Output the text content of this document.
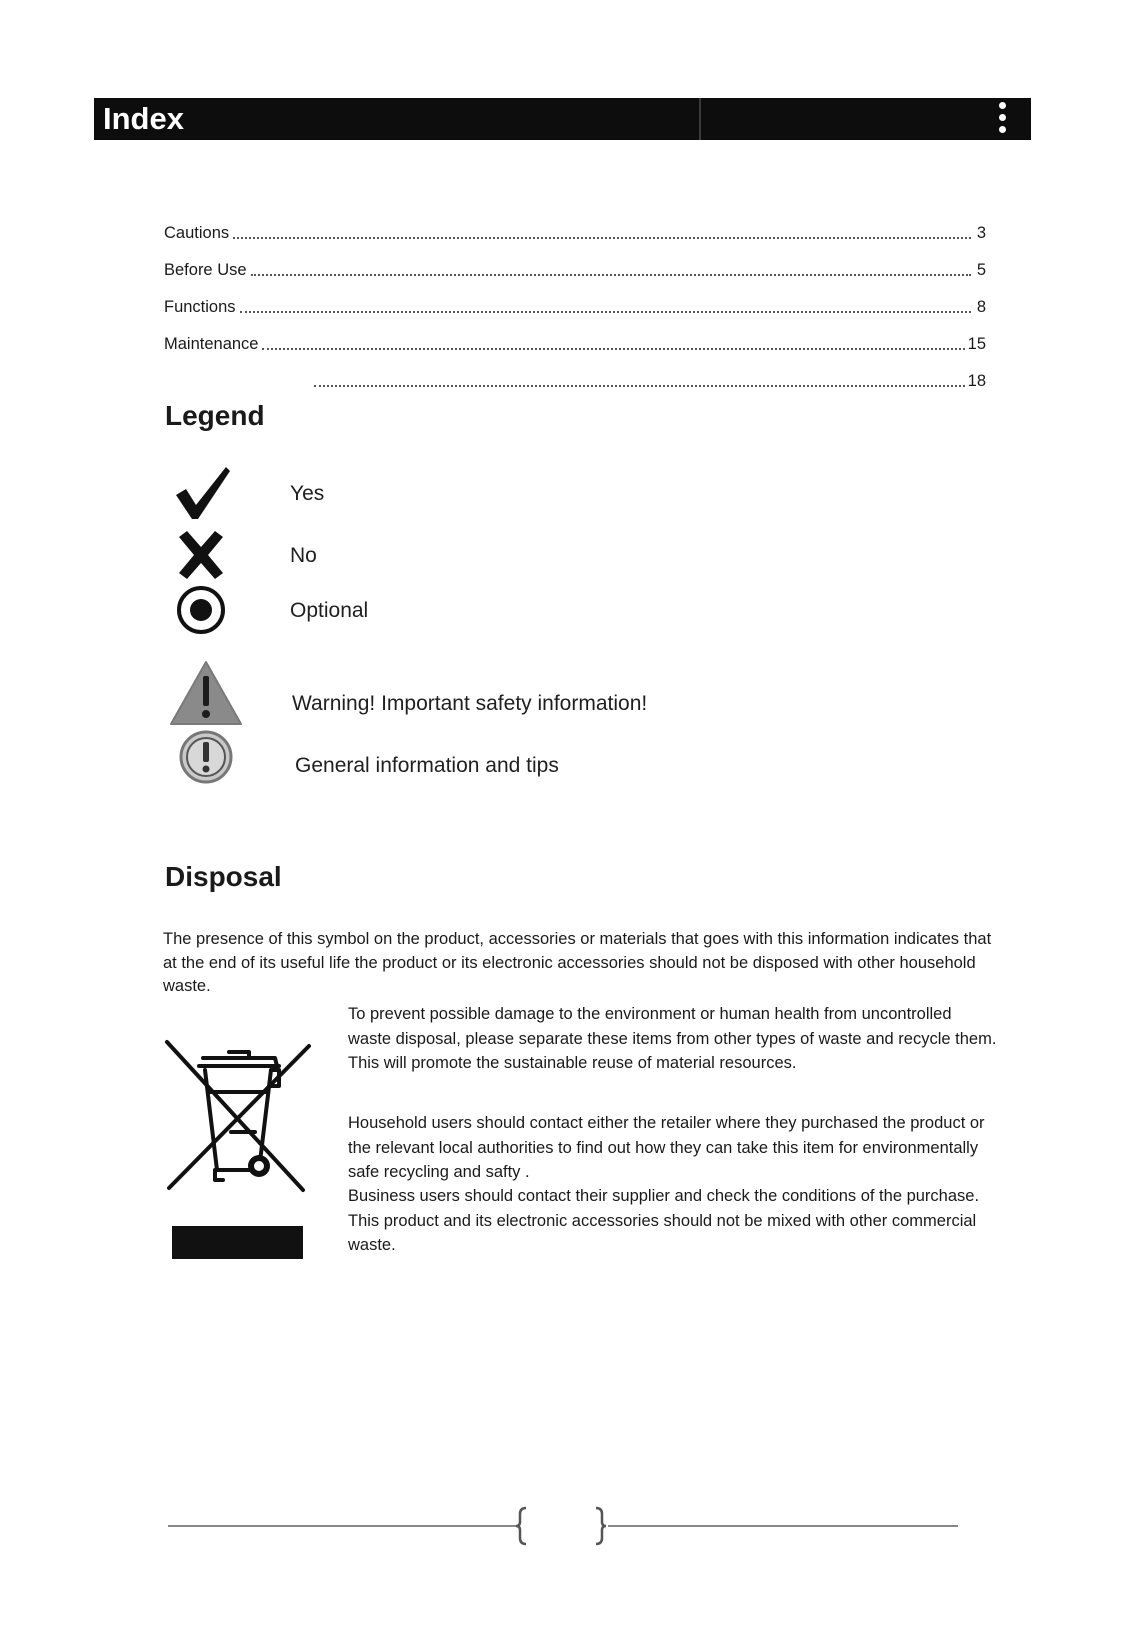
Index
Cautions	3
Before Use	5
Functions	8
Maintenance	15
18
Legend
Yes
No
Optional
Warning! Important safety information!
General information and tips
Disposal
The presence of this symbol on the product, accessories or materials that goes with this information indicates that at the end of its useful life the product or its electronic accessories should not be disposed with other household waste.
To prevent possible damage to the environment or human health from uncontrolled waste disposal, please separate these items from other types of waste and recycle them. This will promote the sustainable reuse of material resources.
Household users should contact either the retailer where they purchased the product or the relevant local authorities to find out how they can take this item for environmentally safe recycling and safty .
Business users should contact their supplier and check the conditions of the purchase. This product and its electronic accessories should not be mixed with other commercial waste.
